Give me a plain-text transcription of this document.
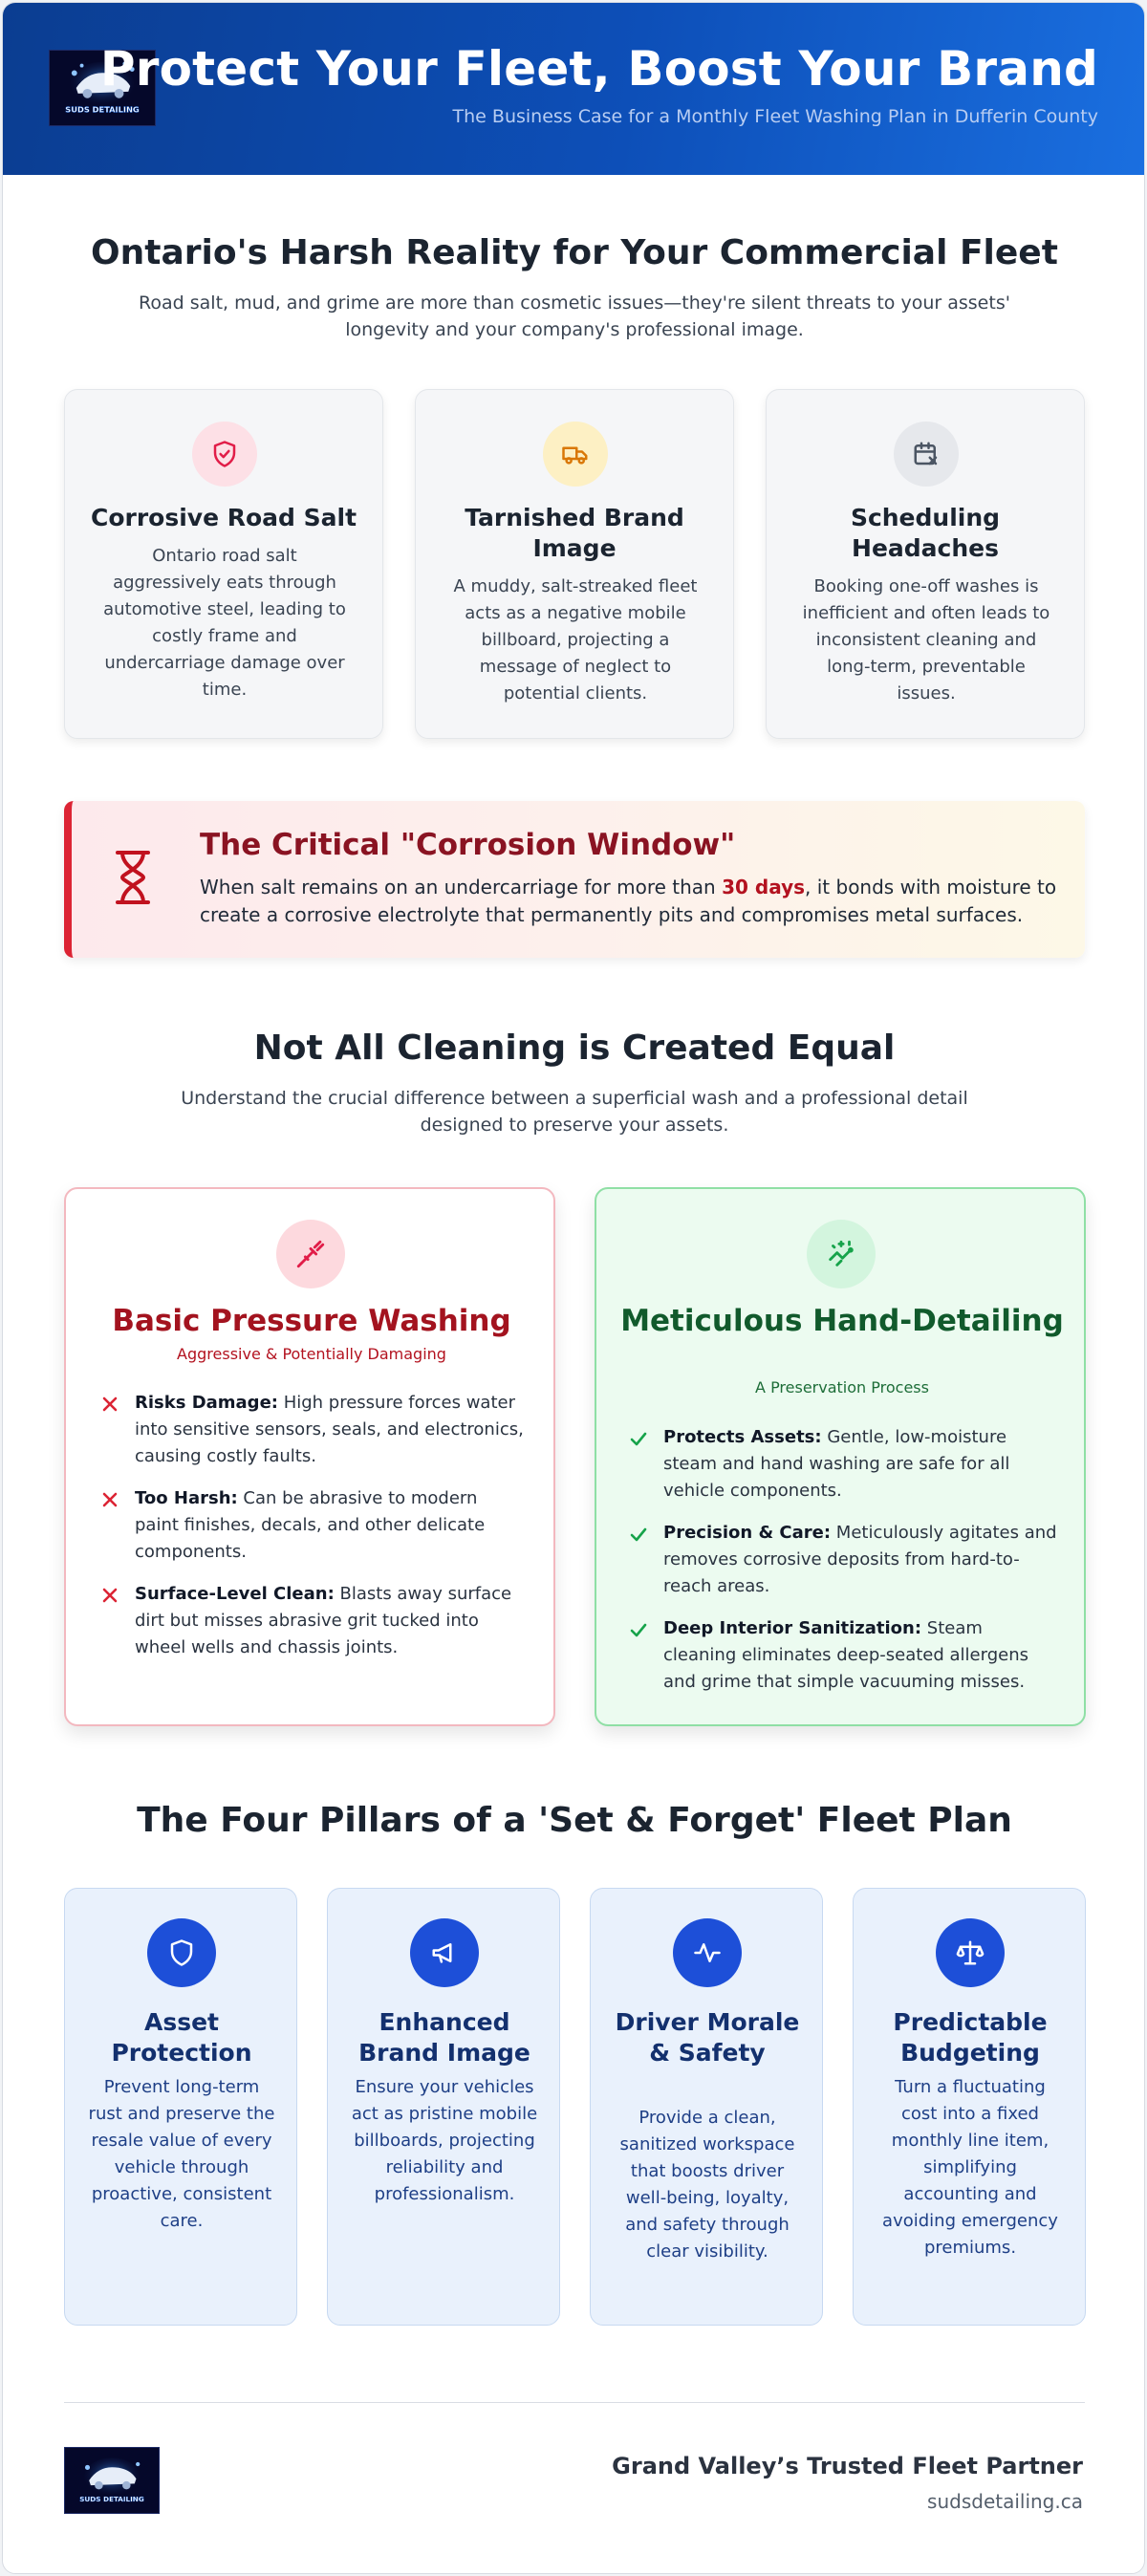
SUDS DETAILING
Protect Your Fleet, Boost Your Brand
The Business Case for a Monthly Fleet Washing Plan in Dufferin County
Ontario's Harsh Reality for Your Commercial Fleet
Road salt, mud, and grime are more than cosmetic issues—they're silent threats to your assets' longevity and your company's professional image.
Corrosive Road Salt
Ontario road salt aggressively eats through automotive steel, leading to costly frame and undercarriage damage over time.
Tarnished Brand Image
A muddy, salt-streaked fleet acts as a negative mobile billboard, projecting a message of neglect to potential clients.
Scheduling Headaches
Booking one-off washes is inefficient and often leads to inconsistent cleaning and long-term, preventable issues.
The Critical "Corrosion Window"
When salt remains on an undercarriage for more than 30 days, it bonds with moisture to create a corrosive electrolyte that permanently pits and compromises metal surfaces.
Not All Cleaning is Created Equal
Understand the crucial difference between a superficial wash and a professional detail designed to preserve your assets.
Basic Pressure Washing
Aggressive & Potentially Damaging
Risks Damage: High pressure forces water into sensitive sensors, seals, and electronics, causing costly faults.
Too Harsh: Can be abrasive to modern paint finishes, decals, and other delicate components.
Surface-Level Clean: Blasts away surface dirt but misses abrasive grit tucked into wheel wells and chassis joints.
Meticulous Hand-Detailing
A Preservation Process
Protects Assets: Gentle, low-moisture steam and hand washing are safe for all vehicle components.
Precision & Care: Meticulously agitates and removes corrosive deposits from hard-to-reach areas.
Deep Interior Sanitization: Steam cleaning eliminates deep-seated allergens and grime that simple vacuuming misses.
The Four Pillars of a 'Set & Forget' Fleet Plan
Asset Protection
Prevent long-term rust and preserve the resale value of every vehicle through proactive, consistent care.
Enhanced Brand Image
Ensure your vehicles act as pristine mobile billboards, projecting reliability and professionalism.
Driver Morale & Safety
Provide a clean, sanitized workspace that boosts driver well-being, loyalty, and safety through clear visibility.
Predictable Budgeting
Turn a fluctuating cost into a fixed monthly line item, simplifying accounting and avoiding emergency premiums.
SUDS DETAILING
Grand Valley’s Trusted Fleet Partner
sudsdetailing.ca
